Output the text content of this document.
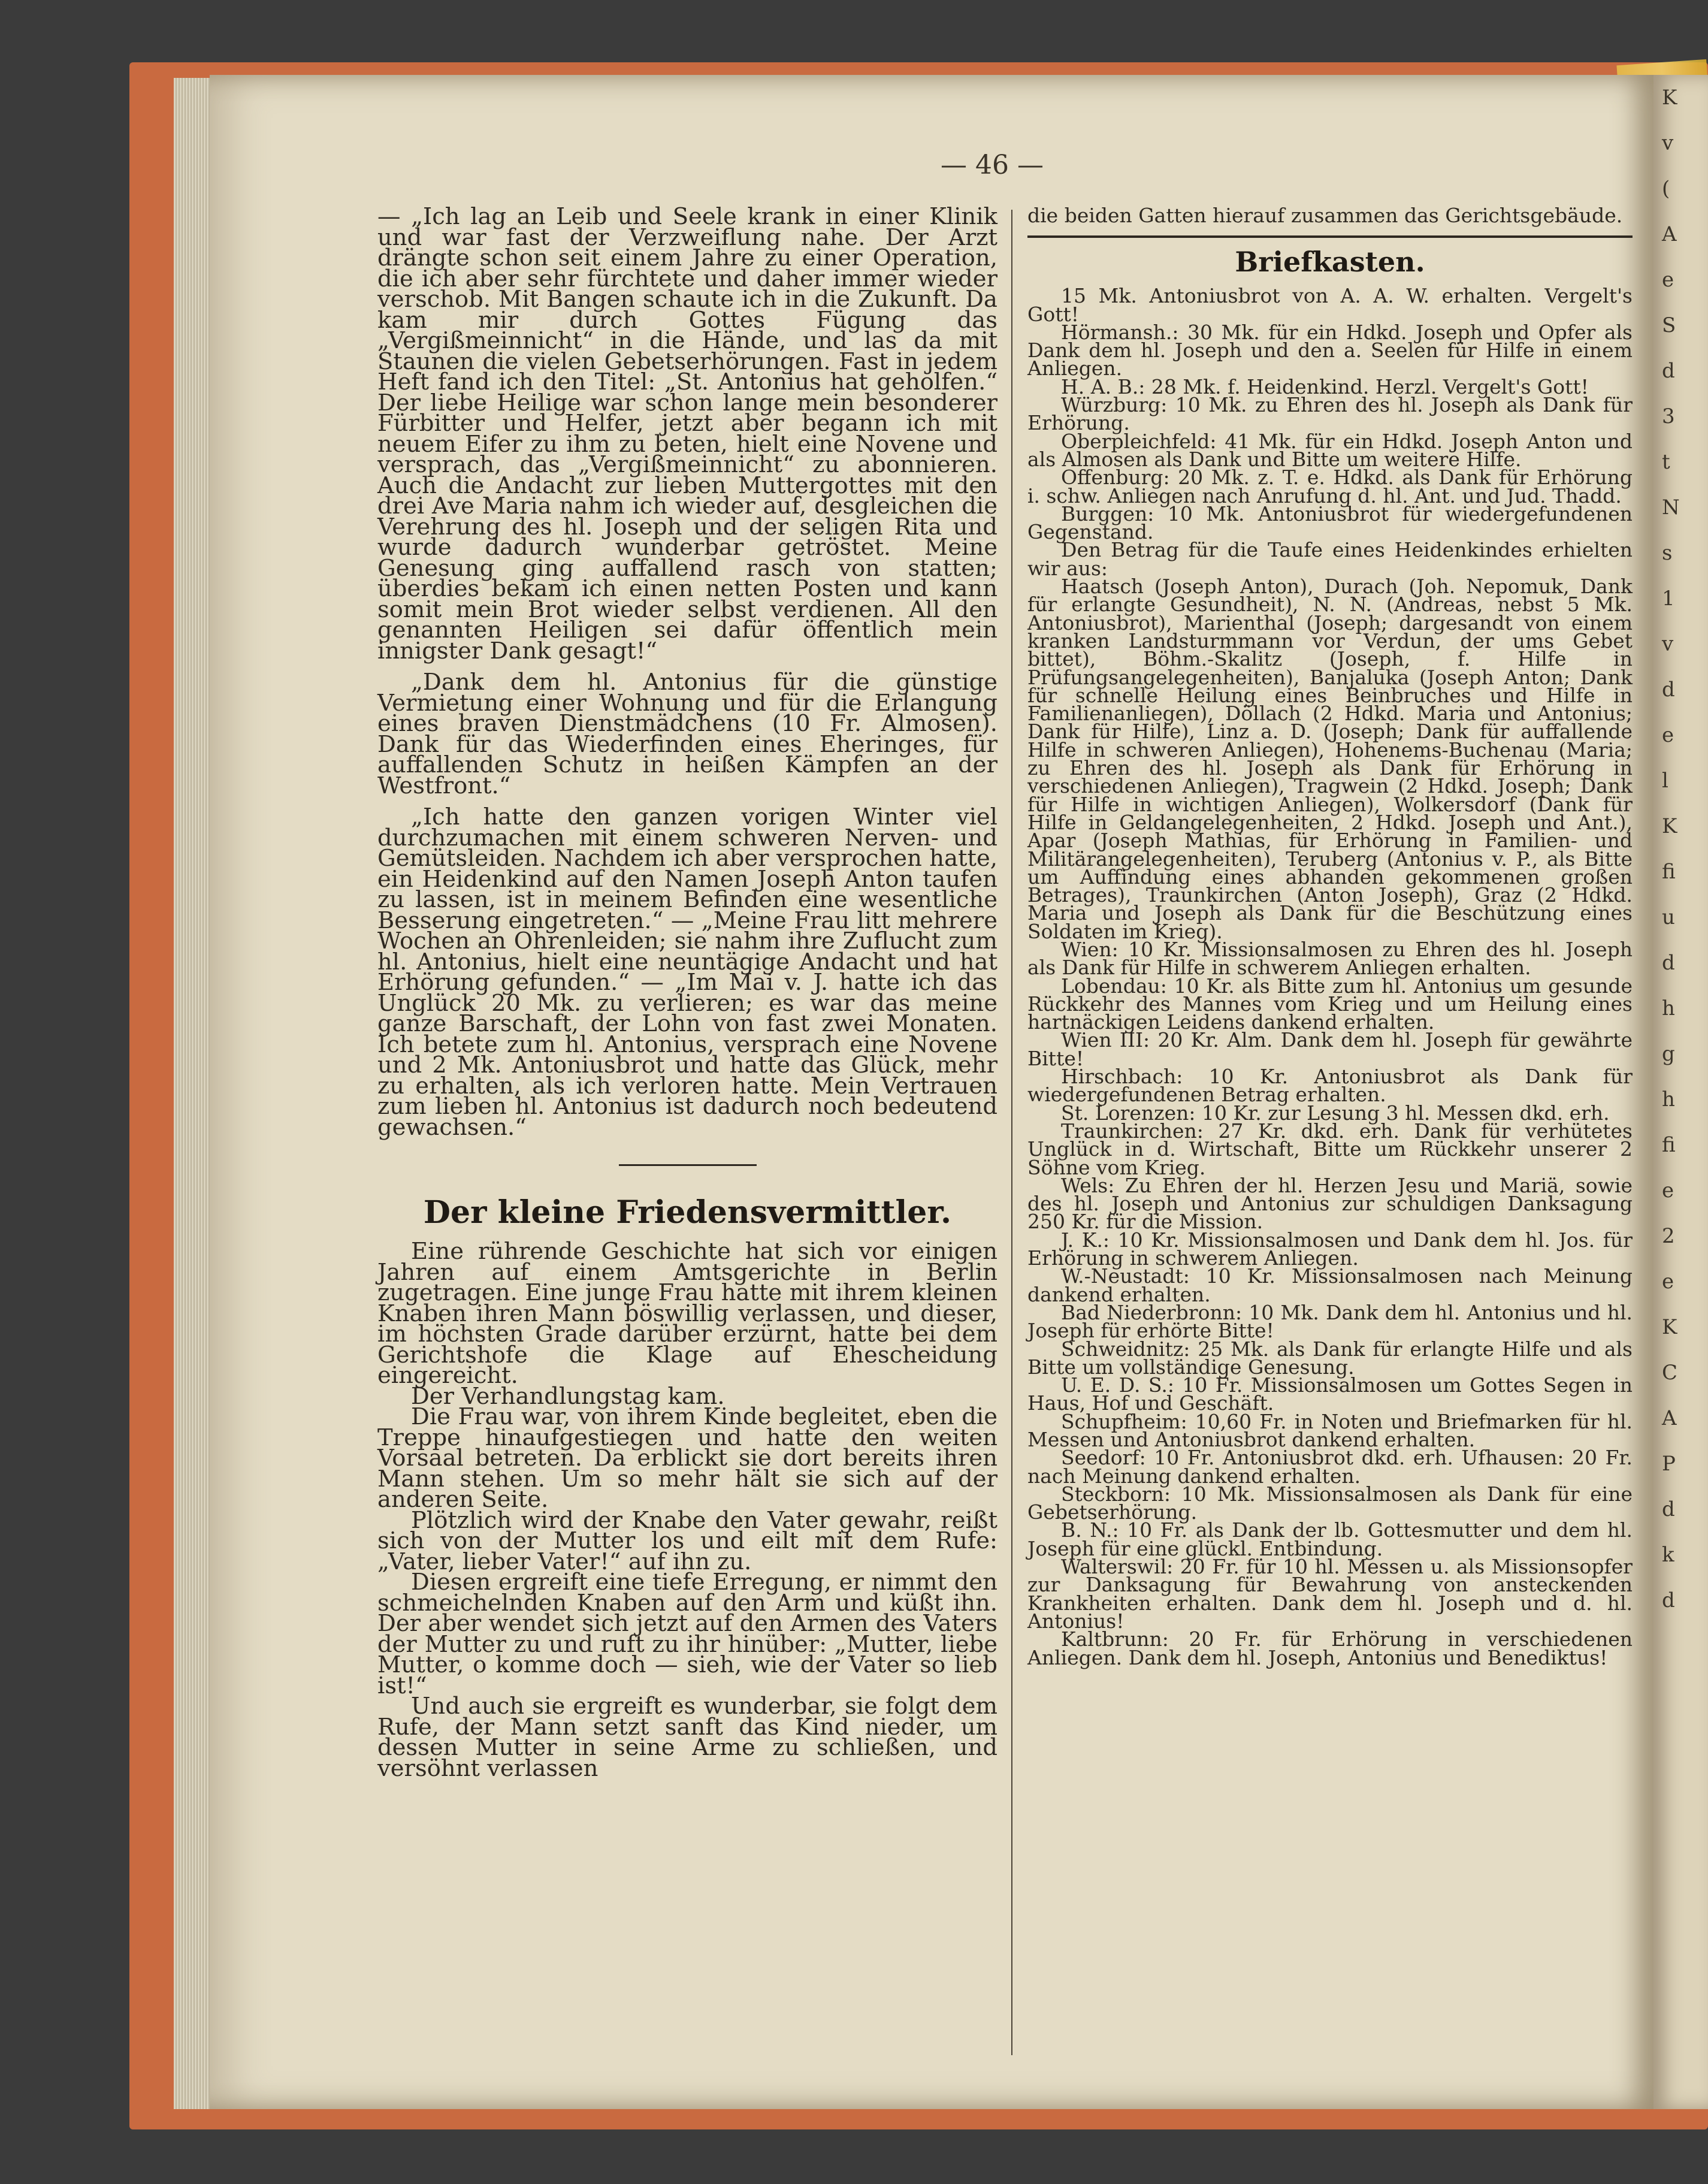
K
v
(
A
e
S
d
3
t
N
s
1
v
d
e
l
K
fi
u
d
h
g
h
fi
e
2
e
K
C
A
P
d
k
d
— 46 —

— „Ich lag an Leib und Seele krank in einer Klinik und war fast der Verzweiflung nahe. Der Arzt drängte schon seit einem Jahre zu einer Operation, die ich aber sehr fürchtete und daher immer wieder verschob. Mit Bangen schaute ich in die Zukunft. Da kam mir durch Gottes Fügung das „Vergißmeinnicht“ in die Hände, und las da mit Staunen die vielen Gebetserhörungen. Fast in jedem Heft fand ich den Titel: „St. Antonius hat geholfen.“ Der liebe Heilige war schon lange mein besonderer Fürbitter und Helfer, jetzt aber begann ich mit neuem Eifer zu ihm zu beten, hielt eine Novene und versprach, das „Vergißmeinnicht“ zu abonnieren. Auch die Andacht zur lieben Muttergottes mit den drei Ave Maria nahm ich wieder auf, desgleichen die Verehrung des hl. Joseph und der seligen Rita und wurde dadurch wunderbar getröstet. Meine Genesung ging auffallend rasch von statten; überdies bekam ich einen netten Posten und kann somit mein Brot wieder selbst verdienen. All den genannten Heiligen sei dafür öffentlich mein innigster Dank gesagt!“

„Dank dem hl. Antonius für die günstige Vermietung einer Wohnung und für die Erlangung eines braven Dienstmädchens (10 Fr. Almosen). Dank für das Wiederfinden eines Eheringes, für auffallenden Schutz in heißen Kämpfen an der Westfront.“

„Ich hatte den ganzen vorigen Winter viel durchzumachen mit einem schweren Nerven- und Gemütsleiden. Nachdem ich aber versprochen hatte, ein Heidenkind auf den Namen Joseph Anton taufen zu lassen, ist in meinem Befinden eine wesentliche Besserung eingetreten.“ — „Meine Frau litt mehrere Wochen an Ohrenleiden; sie nahm ihre Zuflucht zum hl. Antonius, hielt eine neuntägige Andacht und hat Erhörung gefunden.“ — „Im Mai v. J. hatte ich das Unglück 20 Mk. zu verlieren; es war das meine ganze Barschaft, der Lohn von fast zwei Monaten. Ich betete zum hl. Antonius, versprach eine Novene und 2 Mk. Antoniusbrot und hatte das Glück, mehr zu erhalten, als ich verloren hatte. Mein Vertrauen zum lieben hl. Antonius ist dadurch noch bedeutend gewachsen.“

Der kleine Friedensvermittler.

Eine rührende Geschichte hat sich vor einigen Jahren auf einem Amtsgerichte in Berlin zugetragen. Eine junge Frau hatte mit ihrem kleinen Knaben ihren Mann böswillig verlassen, und dieser, im höchsten Grade darüber erzürnt, hatte bei dem Gerichtshofe die Klage auf Ehescheidung eingereicht.

Der Verhandlungstag kam.

Die Frau war, von ihrem Kinde begleitet, eben die Treppe hinaufgestiegen und hatte den weiten Vorsaal betreten. Da erblickt sie dort bereits ihren Mann stehen. Um so mehr hält sie sich auf der anderen Seite.

Plötzlich wird der Knabe den Vater gewahr, reißt sich von der Mutter los und eilt mit dem Rufe: „Vater, lieber Vater!“ auf ihn zu.

Diesen ergreift eine tiefe Erregung, er nimmt den schmeichelnden Knaben auf den Arm und küßt ihn. Der aber wendet sich jetzt auf den Armen des Vaters der Mutter zu und ruft zu ihr hinüber: „Mutter, liebe Mutter, o komme doch — sieh, wie der Vater so lieb ist!“

Und auch sie ergreift es wunderbar, sie folgt dem Rufe, der Mann setzt sanft das Kind nieder, um dessen Mutter in seine Arme zu schließen, und versöhnt verlassen

die beiden Gatten hierauf zusammen das Gerichtsgebäude.

Briefkasten.

15 Mk. Antoniusbrot von A. A. W. erhalten. Vergelt's Gott!

Hörmansh.: 30 Mk. für ein Hdkd. Joseph und Opfer als Dank dem hl. Joseph und den a. Seelen für Hilfe in einem Anliegen.

H. A. B.: 28 Mk. f. Heidenkind. Herzl. Vergelt's Gott!

Würzburg: 10 Mk. zu Ehren des hl. Joseph als Dank für Erhörung.

Oberpleichfeld: 41 Mk. für ein Hdkd. Joseph Anton und als Almosen als Dank und Bitte um weitere Hilfe.

Offenburg: 20 Mk. z. T. e. Hdkd. als Dank für Erhörung i. schw. Anliegen nach Anrufung d. hl. Ant. und Jud. Thadd.

Burggen: 10 Mk. Antoniusbrot für wiedergefundenen Gegenstand.

Den Betrag für die Taufe eines Heidenkindes erhielten wir aus:

Haatsch (Joseph Anton), Durach (Joh. Nepomuk, Dank für erlangte Gesundheit), N. N. (Andreas, nebst 5 Mk. Antoniusbrot), Marienthal (Joseph; dargesandt von einem kranken Landsturmmann vor Verdun, der ums Gebet bittet), Böhm.-Skalitz (Joseph, f. Hilfe in Prüfungsangelegenheiten), Banjaluka (Joseph Anton; Dank für schnelle Heilung eines Beinbruches und Hilfe in Familienanliegen), Döllach (2 Hdkd. Maria und Antonius; Dank für Hilfe), Linz a. D. (Joseph; Dank für auffallende Hilfe in schweren Anliegen), Hohenems-Buchenau (Maria; zu Ehren des hl. Joseph als Dank für Erhörung in verschiedenen Anliegen), Tragwein (2 Hdkd. Joseph; Dank für Hilfe in wichtigen Anliegen), Wolkersdorf (Dank für Hilfe in Geldangelegenheiten, 2 Hdkd. Joseph und Ant.), Apar (Joseph Mathias, für Erhörung in Familien- und Militärangelegenheiten), Teruberg (Antonius v. P., als Bitte um Auffindung eines abhanden gekommenen großen Betrages), Traunkirchen (Anton Joseph), Graz (2 Hdkd. Maria und Joseph als Dank für die Beschützung eines Soldaten im Krieg).

Wien: 10 Kr. Missionsalmosen zu Ehren des hl. Joseph als Dank für Hilfe in schwerem Anliegen erhalten.

Lobendau: 10 Kr. als Bitte zum hl. Antonius um gesunde Rückkehr des Mannes vom Krieg und um Heilung eines hartnäckigen Leidens dankend erhalten.

Wien III: 20 Kr. Alm. Dank dem hl. Joseph für gewährte Bitte!

Hirschbach: 10 Kr. Antoniusbrot als Dank für wiedergefundenen Betrag erhalten.

St. Lorenzen: 10 Kr. zur Lesung 3 hl. Messen dkd. erh.

Traunkirchen: 27 Kr. dkd. erh. Dank für verhütetes Unglück in d. Wirtschaft, Bitte um Rückkehr unserer 2 Söhne vom Krieg.

Wels: Zu Ehren der hl. Herzen Jesu und Mariä, sowie des hl. Joseph und Antonius zur schuldigen Danksagung 250 Kr. für die Mission.

J. K.: 10 Kr. Missionsalmosen und Dank dem hl. Jos. für Erhörung in schwerem Anliegen.

W.-Neustadt: 10 Kr. Missionsalmosen nach Meinung dankend erhalten.

Bad Niederbronn: 10 Mk. Dank dem hl. Antonius und hl. Joseph für erhörte Bitte!

Schweidnitz: 25 Mk. als Dank für erlangte Hilfe und als Bitte um vollständige Genesung.

U. E. D. S.: 10 Fr. Missionsalmosen um Gottes Segen in Haus, Hof und Geschäft.

Schupfheim: 10,60 Fr. in Noten und Briefmarken für hl. Messen und Antoniusbrot dankend erhalten.

Seedorf: 10 Fr. Antoniusbrot dkd. erh. Ufhausen: 20 Fr. nach Meinung dankend erhalten.

Steckborn: 10 Mk. Missionsalmosen als Dank für eine Gebetserhörung.

B. N.: 10 Fr. als Dank der lb. Gottesmutter und dem hl. Joseph für eine glückl. Entbindung.

Walterswil: 20 Fr. für 10 hl. Messen u. als Missionsopfer zur Danksagung für Bewahrung von ansteckenden Krankheiten erhalten. Dank dem hl. Joseph und d. hl. Antonius!

Kaltbrunn: 20 Fr. für Erhörung in verschiedenen Anliegen. Dank dem hl. Joseph, Antonius und Benediktus!
